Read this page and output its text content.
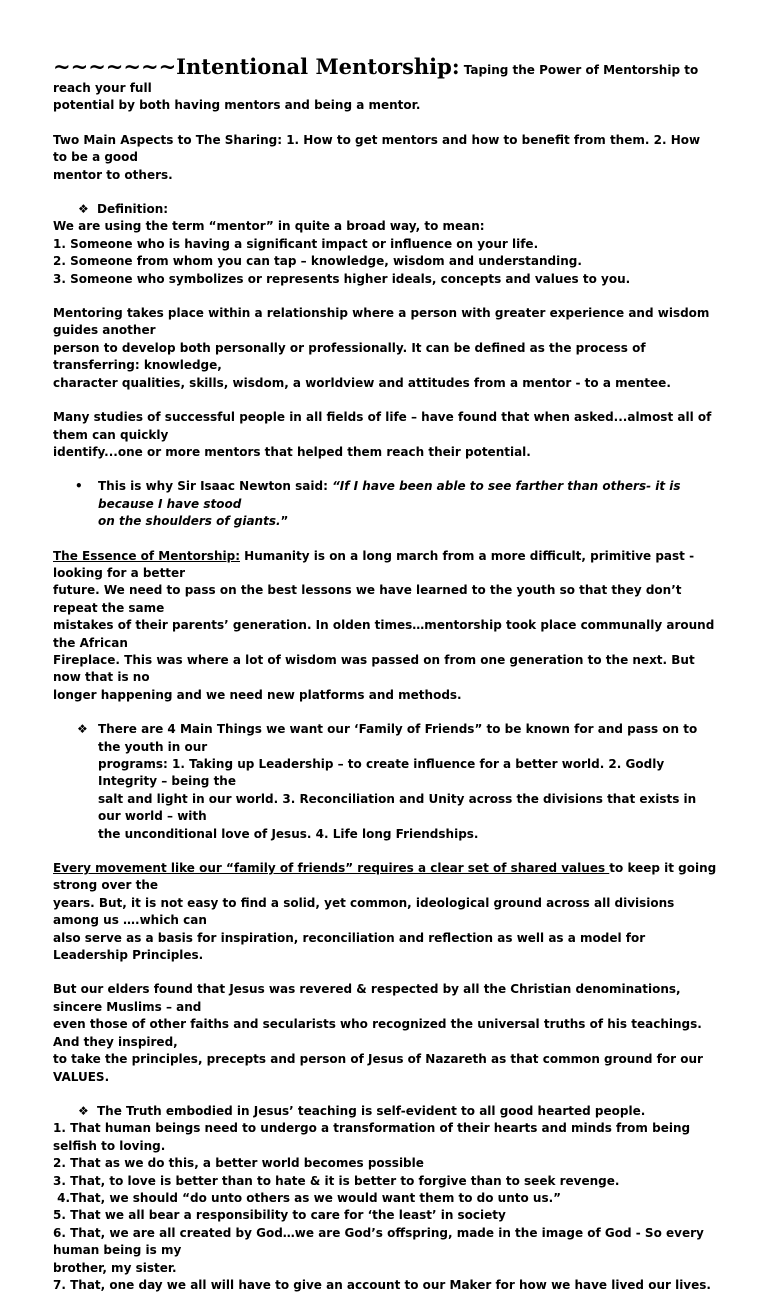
~~~~~~~Intentional Mentorship: Taping the Power of Mentorship to reach your full

potential by both having mentors and being a mentor.

Two Main Aspects to The Sharing: 1. How to get mentors and how to benefit from them. 2. How to be a good

mentor to others.

❖ Definition:

We are using the term “mentor” in quite a broad way, to mean:

1. Someone who is having a significant impact or influence on your life.

2. Someone from whom you can tap – knowledge, wisdom and understanding.

3. Someone who symbolizes or represents higher ideals, concepts and values to you.

Mentoring takes place within a relationship where a person with greater experience and wisdom guides another

person to develop both personally or professionally. It can be defined as the process of transferring: knowledge,

character qualities, skills, wisdom, a worldview and attitudes from a mentor - to a mentee.

Many studies of successful people in all fields of life – have found that when asked...almost all of them can quickly

identify...one or more mentors that helped them reach their potential.

•	This is why Sir Isaac Newton said: “If I have been able to see farther than others- it is because I have stood

on the shoulders of giants.”

The Essence of Mentorship: Humanity is on a long march from a more difficult, primitive past - looking for a better

future. We need to pass on the best lessons we have learned to the youth so that they don’t repeat the same

mistakes of their parents’ generation. In olden times…mentorship took place communally around the African

Fireplace. This was where a lot of wisdom was passed on from one generation to the next. But now that is no

longer happening and we need new platforms and methods.

❖ There are 4 Main Things we want our ‘Family of Friends” to be known for and pass on to the youth in our

programs: 1. Taking up Leadership – to create influence for a better world. 2. Godly Integrity – being the

salt and light in our world. 3. Reconciliation and Unity across the divisions that exists in our world – with

the unconditional love of Jesus. 4. Life long Friendships.

Every movement like our “family of friends” requires a clear set of shared values to keep it going strong over the

years. But, it is not easy to find a solid, yet common, ideological ground across all divisions among us ….which can

also serve as a basis for inspiration, reconciliation and reflection as well as a model for Leadership Principles.

But our elders found that Jesus was revered & respected by all the Christian denominations, sincere Muslims – and

even those of other faiths and secularists who recognized the universal truths of his teachings. And they inspired,

to take the principles, precepts and person of Jesus of Nazareth as that common ground for our VALUES.

❖ The Truth embodied in Jesus’ teaching is self-evident to all good hearted people.

1. That human beings need to undergo a transformation of their hearts and minds from being selfish to loving.

2. That as we do this, a better world becomes possible

3. That, to love is better than to hate & it is better to forgive than to seek revenge.

4.That, we should “do unto others as we would want them to do unto us.”

5. That we all bear a responsibility to care for ‘the least’ in society

6. That, we are all created by God…we are God’s offspring, made in the image of God - So every human being is my

brother, my sister.

7. That, one day we all will have to give an account to our Maker for how we have lived our lives.
